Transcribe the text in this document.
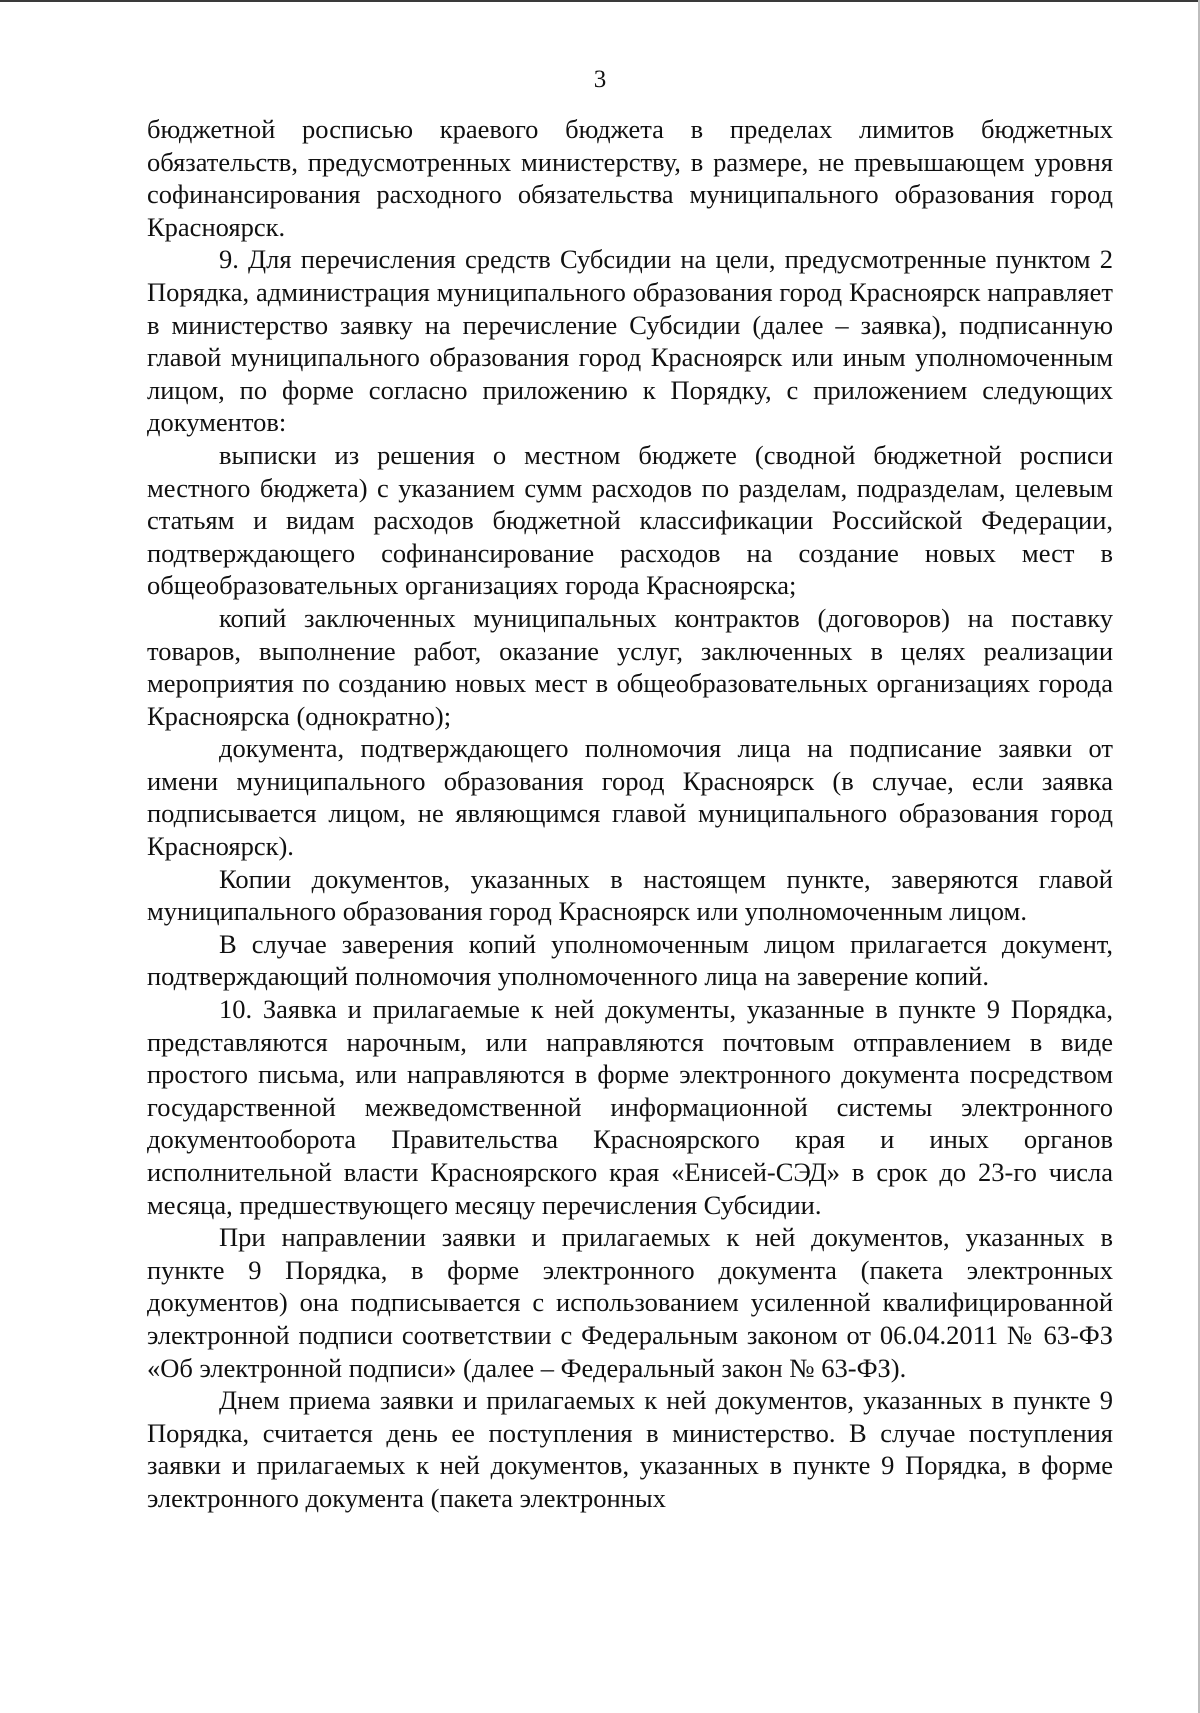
3

бюджетной росписью краевого бюджета в пределах лимитов бюджетных обязательств, предусмотренных министерству, в размере, не превышающем уровня софинансирования расходного обязательства муниципального образования город Красноярск.

9. Для перечисления средств Субсидии на цели, предусмотренные пунктом 2 Порядка, администрация муниципального образования город Красноярск направляет в министерство заявку на перечисление Субсидии (далее – заявка), подписанную главой муниципального образования город Красноярск или иным уполномоченным лицом, по форме согласно приложению к Порядку, с приложением следующих документов:

выписки из решения о местном бюджете (сводной бюджетной росписи местного бюджета) с указанием сумм расходов по разделам, подразделам, целевым статьям и видам расходов бюджетной классификации Российской Федерации, подтверждающего софинансирование расходов на создание новых мест в общеобразовательных организациях города Красноярска;

копий заключенных муниципальных контрактов (договоров) на поставку товаров, выполнение работ, оказание услуг, заключенных в целях реализации мероприятия по созданию новых мест в общеобразовательных организациях города Красноярска (однократно);

документа, подтверждающего полномочия лица на подписание заявки от имени муниципального образования город Красноярск (в случае, если заявка подписывается лицом, не являющимся главой муниципального образования город Красноярск).

Копии документов, указанных в настоящем пункте, заверяются главой муниципального образования город Красноярск или уполномоченным лицом.

В случае заверения копий уполномоченным лицом прилагается документ, подтверждающий полномочия уполномоченного лица на заверение копий.

10. Заявка и прилагаемые к ней документы, указанные в пункте 9 Порядка, представляются нарочным, или направляются почтовым отправлением в виде простого письма, или направляются в форме электронного документа посредством государственной межведомственной информационной системы электронного документооборота Правительства Красноярского края и иных органов исполнительной власти Красноярского края «Енисей-СЭД» в срок до 23-го числа месяца, предшествующего месяцу перечисления Субсидии.

При направлении заявки и прилагаемых к ней документов, указанных в пункте 9 Порядка, в форме электронного документа (пакета электронных документов) она подписывается с использованием усиленной квалифицированной электронной подписи соответствии с Федеральным законом от 06.04.2011 № 63-ФЗ «Об электронной подписи» (далее – Федеральный закон № 63-ФЗ).

Днем приема заявки и прилагаемых к ней документов, указанных в пункте 9 Порядка, считается день ее поступления в министерство. В случае поступления заявки и прилагаемых к ней документов, указанных в пункте 9 Порядка, в форме электронного документа (пакета электронных
